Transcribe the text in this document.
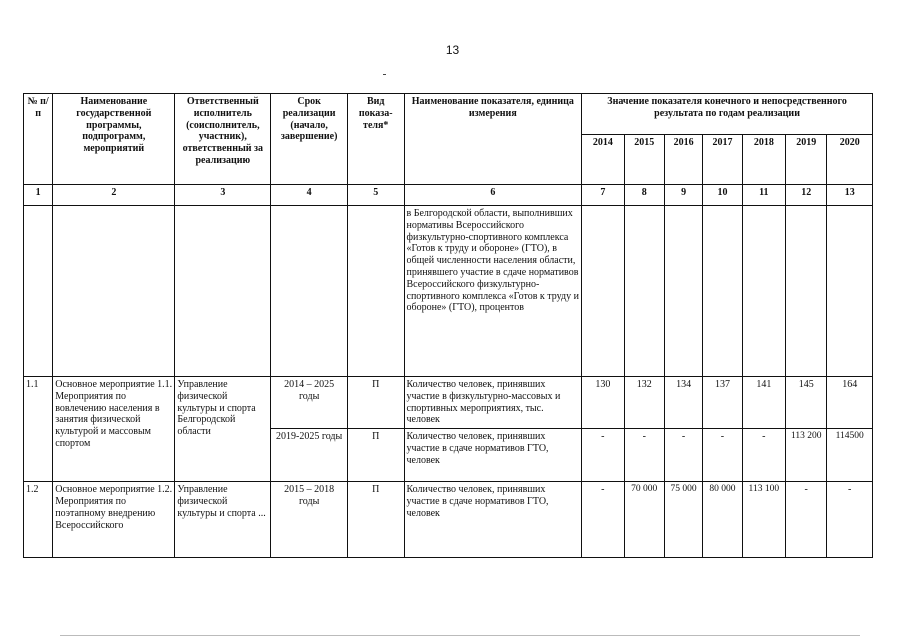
13
№ п/п	Наименование государственной программы, подпрограмм, мероприятий	Ответственный исполнитель (соисполнитель, участник), ответственный за реализацию	Срок реализации (начало, завершение)	Вид показа- теля*	Наименование показателя, единица измерения	Значение показателя конечного и непосредственного результата по годам реализации						
						2014	2015	2016	2017	2018	2019	2020
1	2	3	4	5	6	7	8	9	10	11	12	13
					в Белгородской области, выполнивших нормативы Всероссийского физкультурно-спортивного комплекса «Готов к труду и обороне» (ГТО), в общей численности населения области, принявшего участие в сдаче нормативов Всероссийского физкультурно-спортивного комплекса «Готов к труду и обороне» (ГТО), процентов							
1.1	Основное мероприятие 1.1. Мероприятия по вовлечению населения в занятия физической культурой и массовым спортом	Управление физической культуры и спорта Белгородской области	2014 – 2025 годы	П	Количество человек, принявших участие в физкультурно-массовых и спортивных мероприятиях, тыс. человек	130	132	134	137	141	145	164
			2019-2025 годы	П	Количество человек, принявших участие в сдаче нормативов ГТО, человек	-	-	-	-	-	113 200	114500
1.2	Основное мероприятие 1.2. Мероприятия по поэтапному внедрению Всероссийского	Управление физической культуры и спорта ...	2015 – 2018 годы	П	Количество человек, принявших участие в сдаче нормативов ГТО, человек	-	70 000	75 000	80 000	113 100	-	-
